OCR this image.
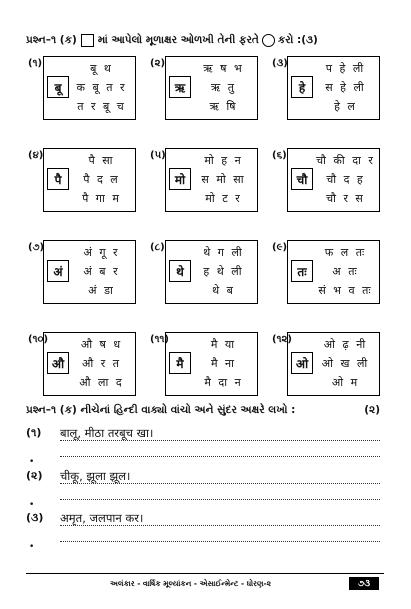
પ્રશ્ન–૧ (ક) માં આપેલો મૂળાક્ષર ઓળખી તેની ફરતે કરો :(૩)
(૧)
बू
बू थ
क बू त र
त र बू च
(૨)
ऋ
ऋ ष भ
ऋ तु
ऋ षि
(૩)
हे
प हे ली
स हे ली
हे ल
(૪)
पै
पै सा
पै द ल
पै गा म
(૫)
मो
मो ह न
स मो सा
मो ट र
(૬)
चौ
चौ की दा र
चौ द ह
चौ र स
(૭)
अं
अं गू र
अं ब र
अं डा
(૮)
थे
थे ग ली
ह थे ली
थे ब
(૯)
तः
फ ल तः
अ तः
सं भ व तः
(૧૦)
औ
औ ष ध
औ र त
औ ला द
(૧૧)
मै
मै या
मै ना
मै दा न
(૧૨)
ओ
ओ ढ़ नी
ओ ख ली
ओ म
પ્રશ્ન–૧ (ક) નીચેનાં હિન્દી વાક્યો વાંચો અને સુંદર અક્ષરે લખો :	(૨)
(૧) बालू, मीठा तरबूच खा।
•
(૨) चीकू, झूला झूल।
•
(૩) अमृत, जलपान कर।
•
અલંકાર - વાર્ષિક મૂલ્યાંકન - એસાઈન્મેન્ટ - ધોરણ-૨	૭૩
